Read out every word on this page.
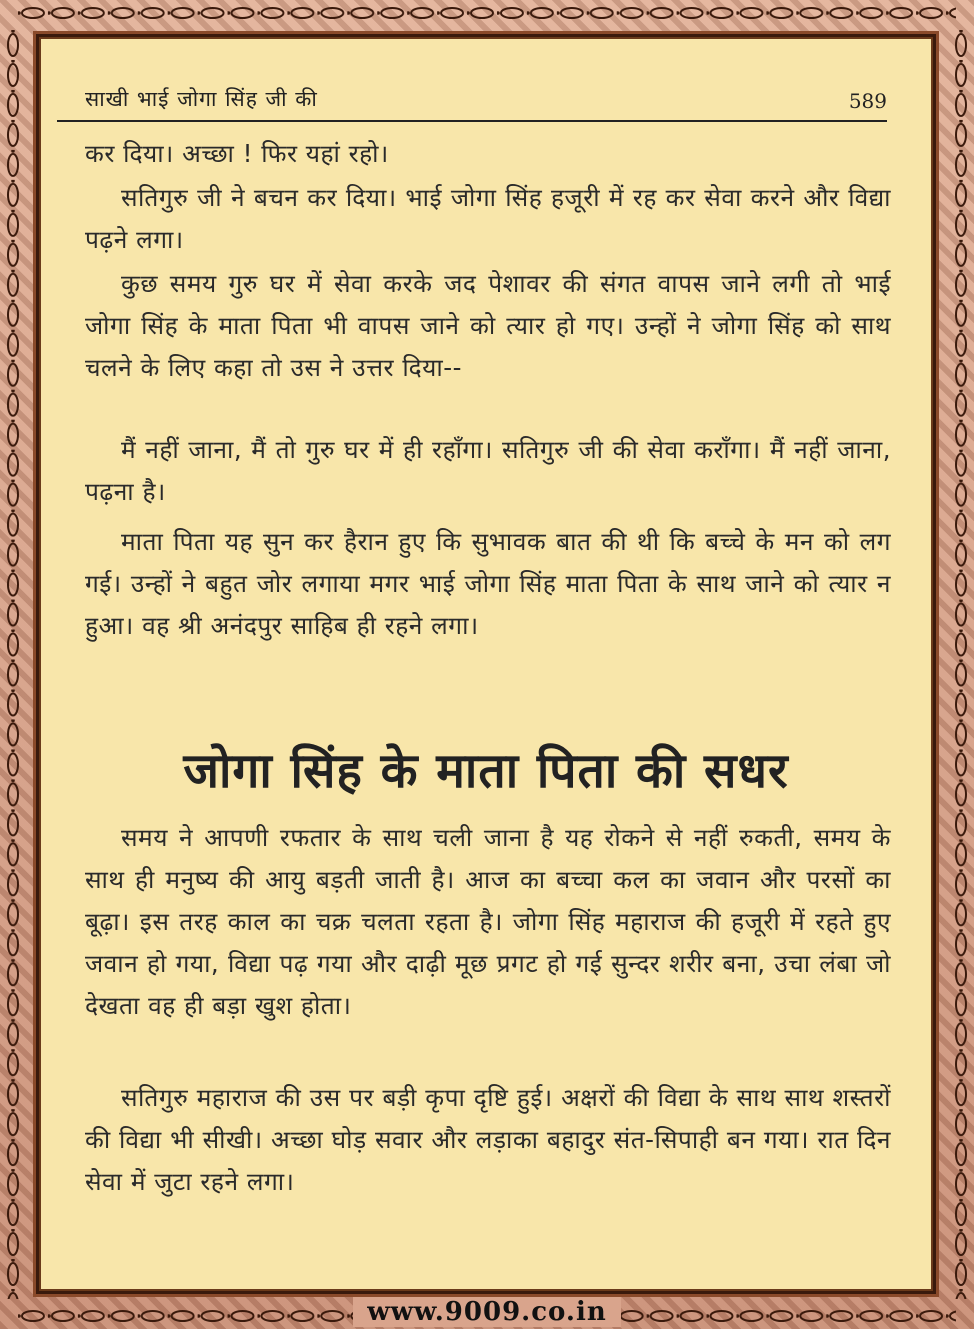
साखी भाई जोगा सिंह जी की	589

कर दिया। अच्छा ! फिर यहां रहो।

सतिगुरु जी ने बचन कर दिया। भाई जोगा सिंह हजूरी में रह कर सेवा करने और विद्या पढ़ने लगा।

कुछ समय गुरु घर में सेवा करके जद पेशावर की संगत वापस जाने लगी तो भाई जोगा सिंह के माता पिता भी वापस जाने को त्यार हो गए। उन्हों ने जोगा सिंह को साथ चलने के लिए कहा तो उस ने उत्तर दिया--

मैं नहीं जाना, मैं तो गुरु घर में ही रहाँगा। सतिगुरु जी की सेवा कराँगा। मैं नहीं जाना, पढ़ना है।

माता पिता यह सुन कर हैरान हुए कि सुभावक बात की थी कि बच्चे के मन को लग गई। उन्हों ने बहुत जोर लगाया मगर भाई जोगा सिंह माता पिता के साथ जाने को त्यार न हुआ। वह श्री अनंदपुर साहिब ही रहने लगा।

जोगा सिंह के माता पिता की सधर

समय ने आपणी रफतार के साथ चली जाना है यह रोकने से नहीं रुकती, समय के साथ ही मनुष्य की आयु बड़ती जाती है। आज का बच्चा कल का जवान और परसों का बूढ़ा। इस तरह काल का चक्र चलता रहता है। जोगा सिंह महाराज की हजूरी में रहते हुए जवान हो गया, विद्या पढ़ गया और दाढ़ी मूछ प्रगट हो गई सुन्दर शरीर बना, उचा लंबा जो देखता वह ही बड़ा खुश होता।

सतिगुरु महाराज की उस पर बड़ी कृपा दृष्टि हुई। अक्षरों की विद्या के साथ साथ शस्तरों की विद्या भी सीखी। अच्छा घोड़ सवार और लड़ाका बहादुर संत-सिपाही बन गया। रात दिन सेवा में जुटा रहने लगा।

www.9009.co.in
